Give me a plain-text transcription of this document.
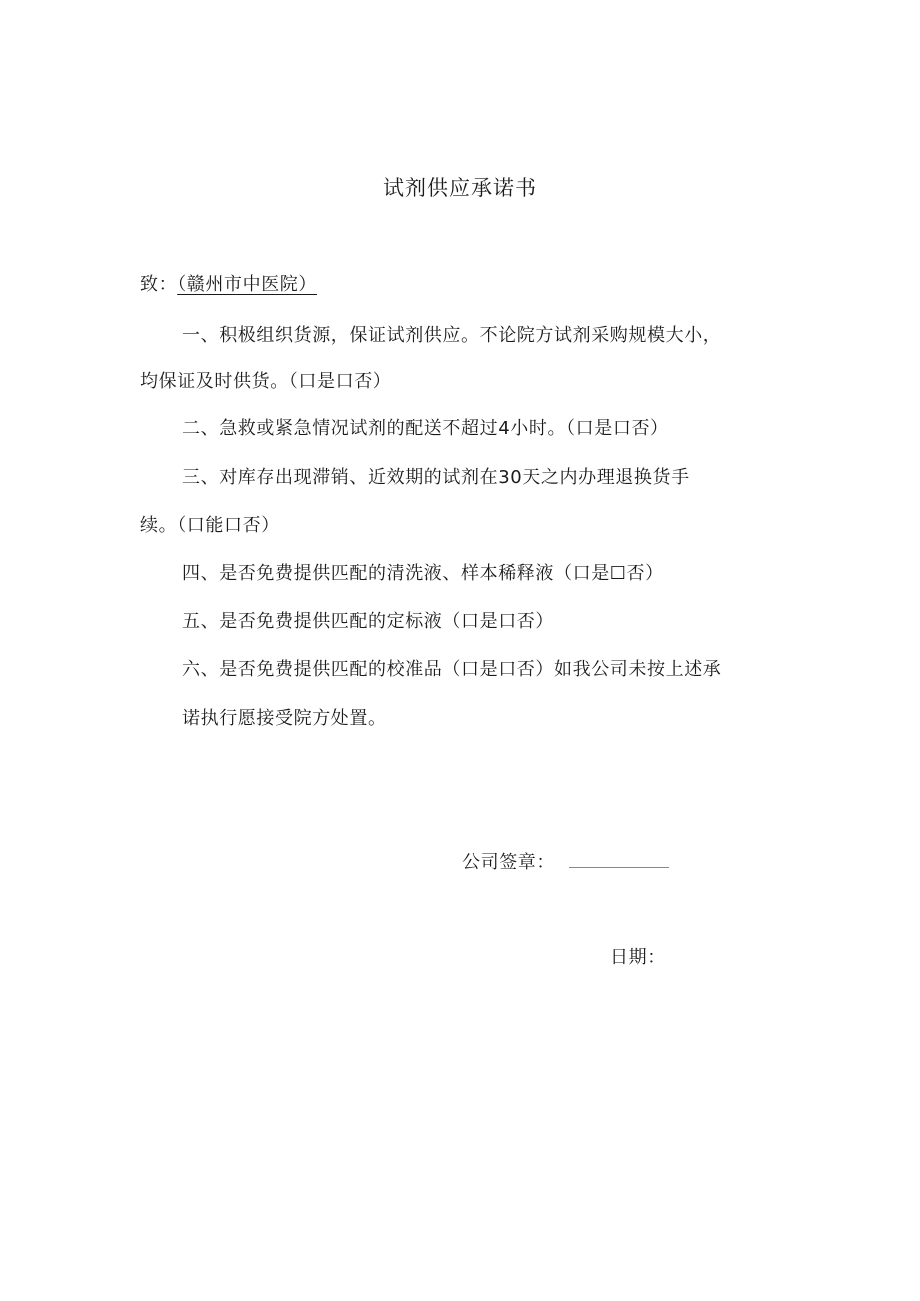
试剂供应承诺书
致：（赣州市中医院）
一、积极组织货源，保证试剂供应。不论院方试剂采购规模大小，
均保证及时供货。（口是口否）
二、急救或紧急情况试剂的配送不超过4小时。（口是口否）
三、对库存出现滞销、近效期的试剂在30天之内办理退换货手
续。（口能口否）
四、是否免费提供匹配的清洗液、样本稀释液（口是☐否）
五、是否免费提供匹配的定标液（口是口否）
六、是否免费提供匹配的校准品（口是口否）如我公司未按上述承
诺执行愿接受院方处置。
公司签章：
日期：
